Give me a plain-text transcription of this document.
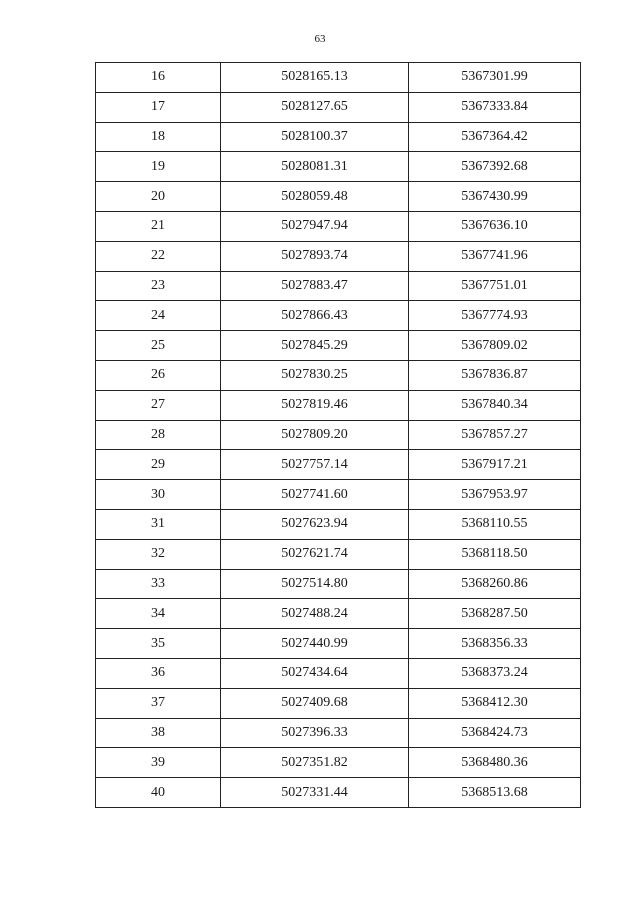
63
16	5028165.13	5367301.99
17	5028127.65	5367333.84
18	5028100.37	5367364.42
19	5028081.31	5367392.68
20	5028059.48	5367430.99
21	5027947.94	5367636.10
22	5027893.74	5367741.96
23	5027883.47	5367751.01
24	5027866.43	5367774.93
25	5027845.29	5367809.02
26	5027830.25	5367836.87
27	5027819.46	5367840.34
28	5027809.20	5367857.27
29	5027757.14	5367917.21
30	5027741.60	5367953.97
31	5027623.94	5368110.55
32	5027621.74	5368118.50
33	5027514.80	5368260.86
34	5027488.24	5368287.50
35	5027440.99	5368356.33
36	5027434.64	5368373.24
37	5027409.68	5368412.30
38	5027396.33	5368424.73
39	5027351.82	5368480.36
40	5027331.44	5368513.68
